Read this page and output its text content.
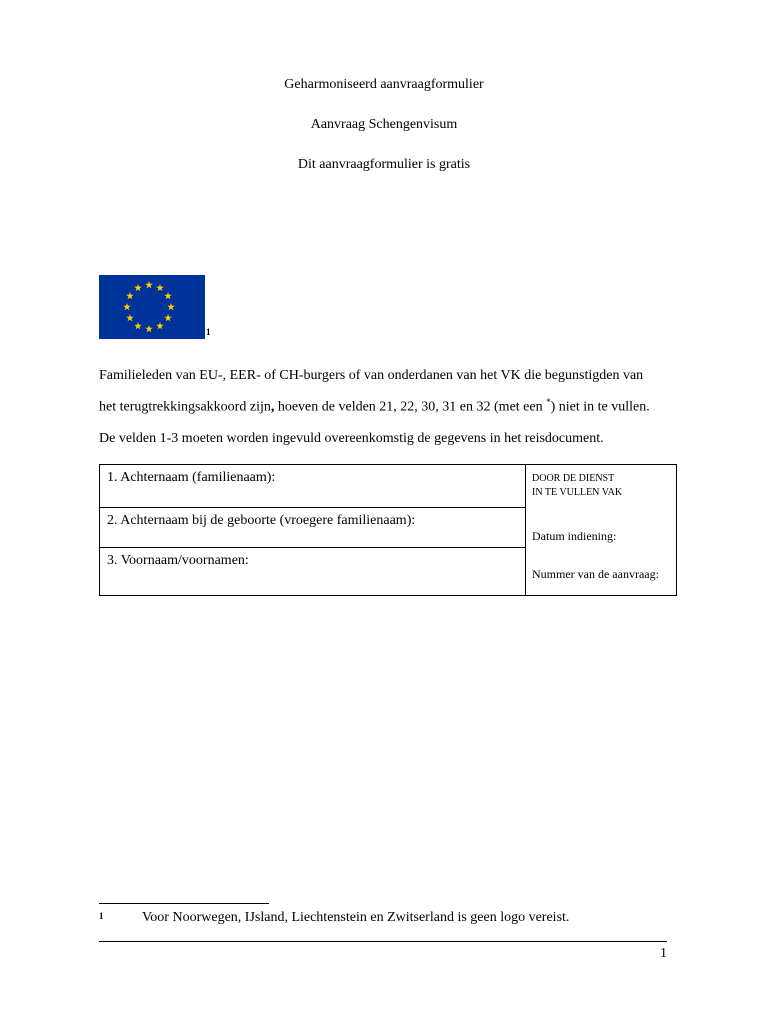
Geharmoniseerd aanvraagformulier
Aanvraag Schengenvisum
Dit aanvraagformulier is gratis
1
Familieleden van EU-, EER- of CH-burgers of van onderdanen van het VK die begunstigden van
het terugtrekkingsakkoord zijn, hoeven de velden 21, 22, 30, 31 en 32 (met een *) niet in te vullen.
De velden 1-3 moeten worden ingevuld overeenkomstig de gegevens in het reisdocument.
1. Achternaam (familienaam):
2. Achternaam bij de geboorte (vroegere familienaam):
3. Voornaam/voornamen:
DOOR DE DIENST
IN TE VULLEN VAK
Datum indiening:
Nummer van de aanvraag:
1	Voor Noorwegen, IJsland, Liechtenstein en Zwitserland is geen logo vereist.
1
